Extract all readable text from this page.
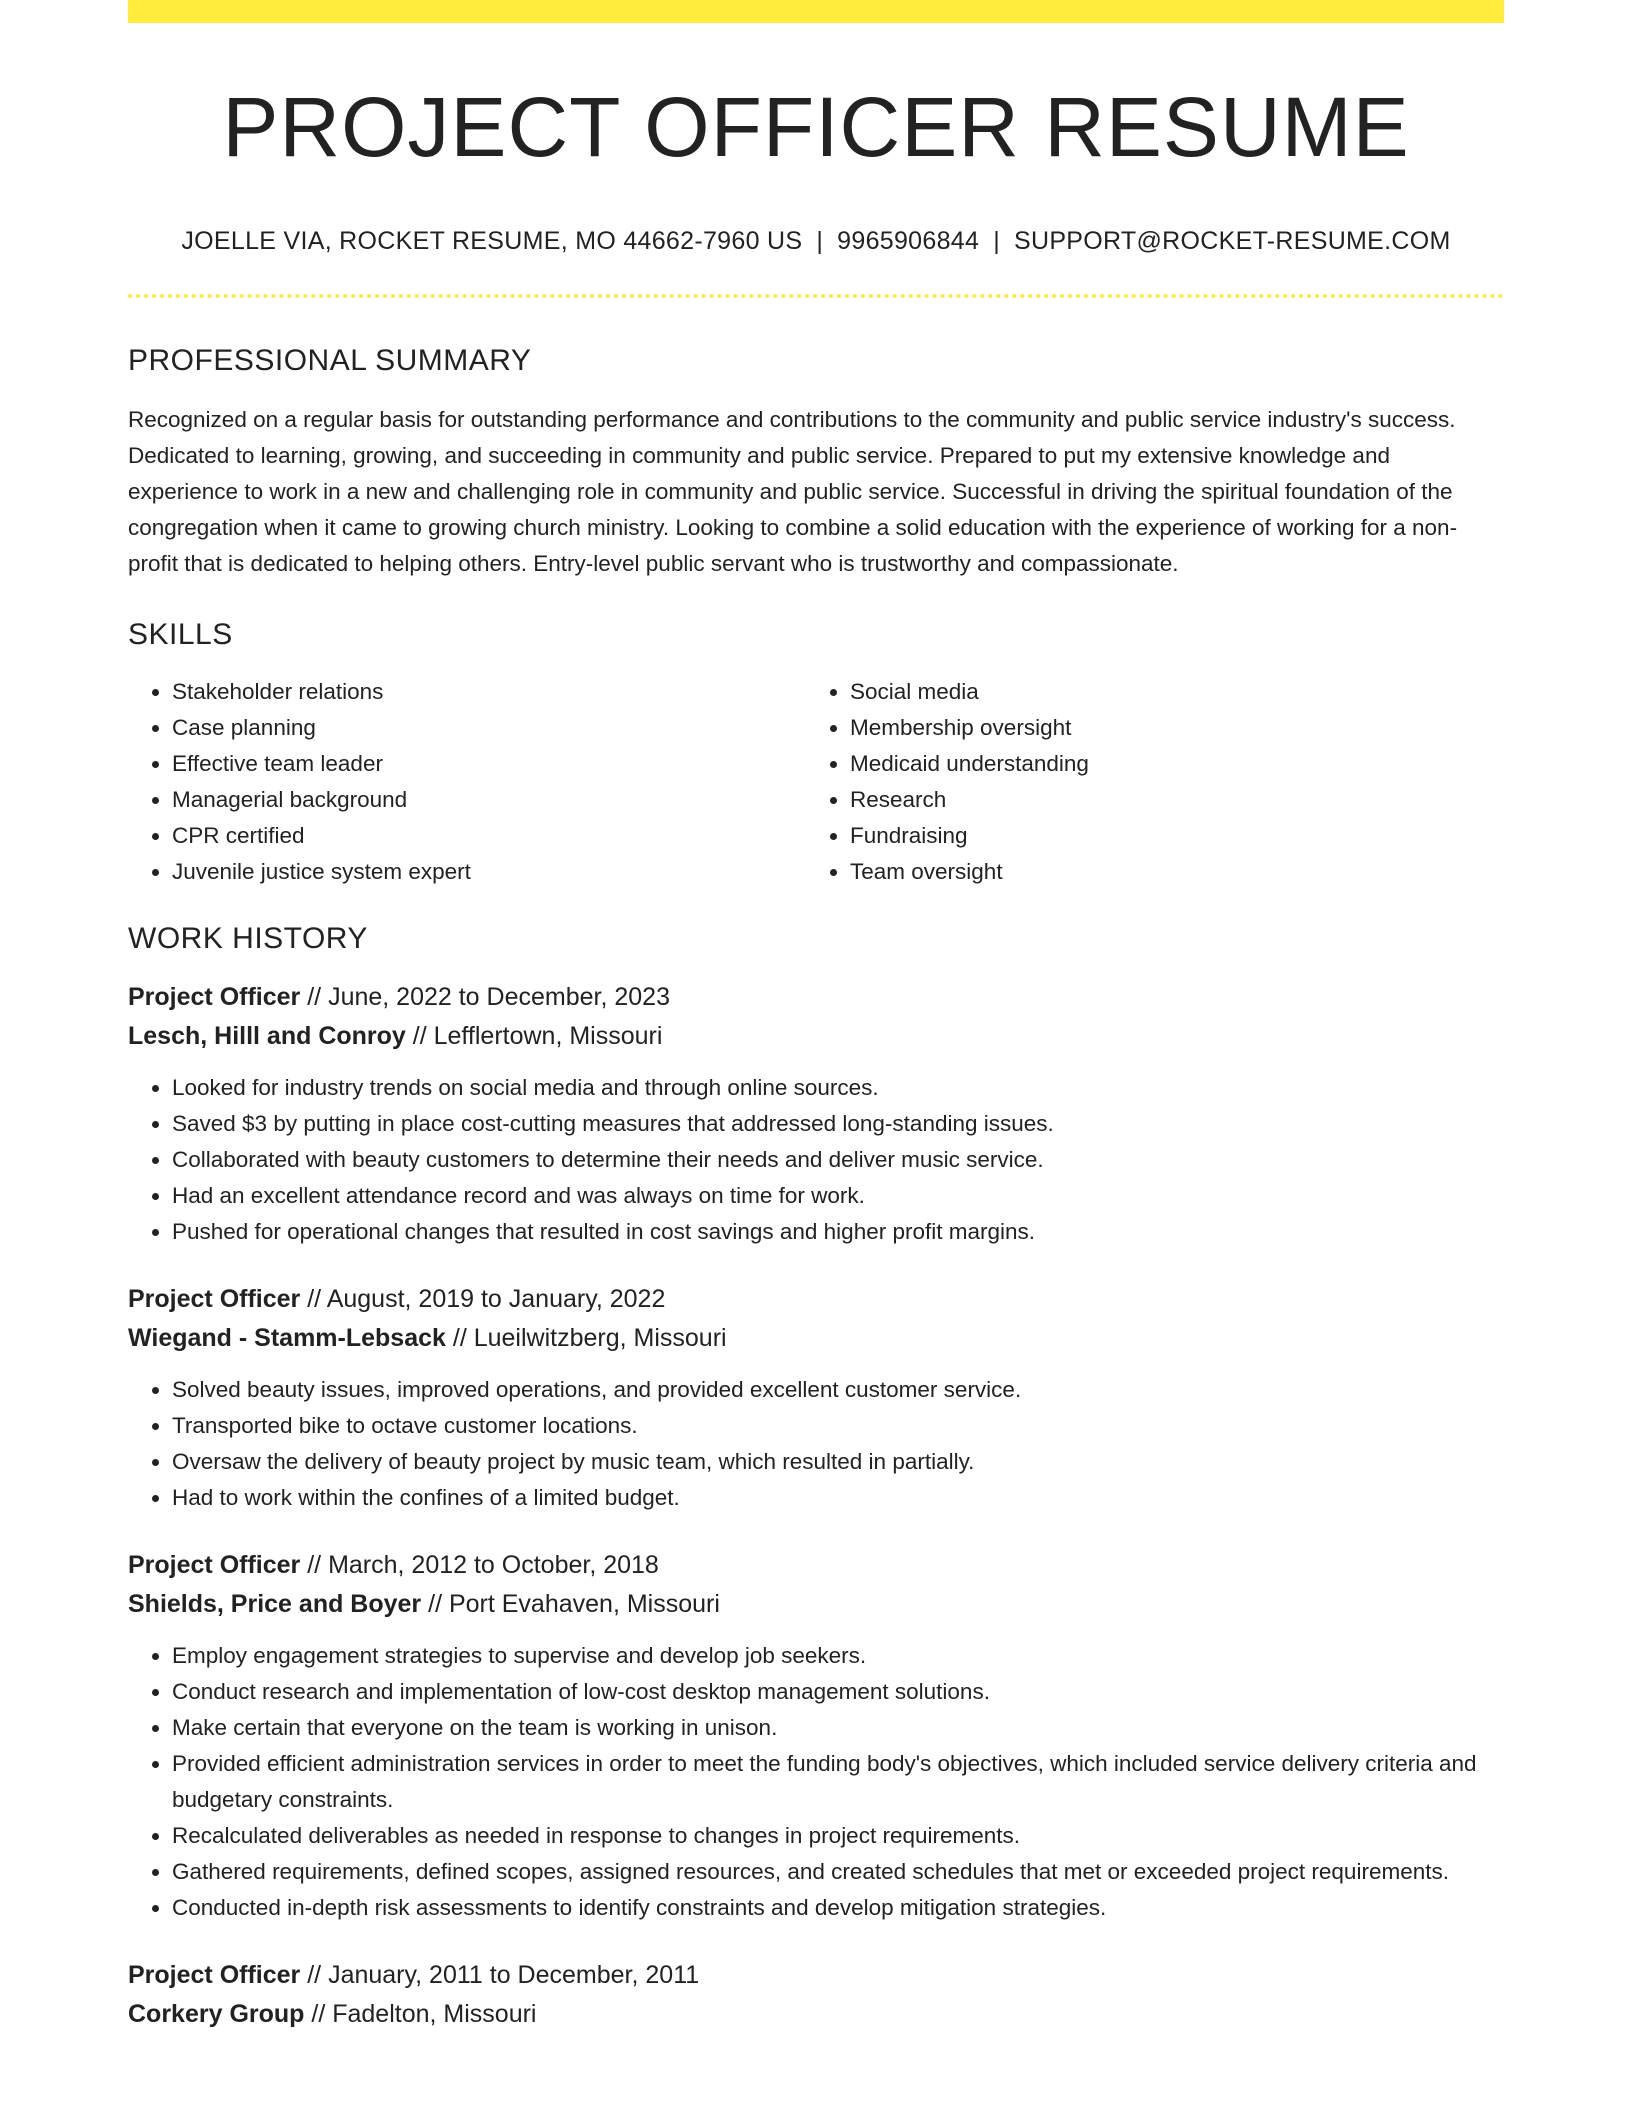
PROJECT OFFICER RESUME
JOELLE VIA, ROCKET RESUME, MO 44662-7960 US | 9965906844 | SUPPORT@ROCKET-RESUME.COM
PROFESSIONAL SUMMARY

Recognized on a regular basis for outstanding performance and contributions to the community and public service industry's success. Dedicated to learning, growing, and succeeding in community and public service. Prepared to put my extensive knowledge and experience to work in a new and challenging role in community and public service. Successful in driving the spiritual foundation of the congregation when it came to growing church ministry. Looking to combine a solid education with the experience of working for a non-profit that is dedicated to helping others. Entry-level public servant who is trustworthy and compassionate.

SKILLS
• Stakeholder relations
• Case planning
• Effective team leader
• Managerial background
• CPR certified
• Juvenile justice system expert
• Social media
• Membership oversight
• Medicaid understanding
• Research
• Fundraising
• Team oversight
WORK HISTORY
Project Officer // June, 2022 to December, 2023
Lesch, Hilll and Conroy // Lefflertown, Missouri
• Looked for industry trends on social media and through online sources.
• Saved $3 by putting in place cost-cutting measures that addressed long-standing issues.
• Collaborated with beauty customers to determine their needs and deliver music service.
• Had an excellent attendance record and was always on time for work.
• Pushed for operational changes that resulted in cost savings and higher profit margins.
Project Officer // August, 2019 to January, 2022
Wiegand - Stamm-Lebsack // Lueilwitzberg, Missouri
• Solved beauty issues, improved operations, and provided excellent customer service.
• Transported bike to octave customer locations.
• Oversaw the delivery of beauty project by music team, which resulted in partially.
• Had to work within the confines of a limited budget.
Project Officer // March, 2012 to October, 2018
Shields, Price and Boyer // Port Evahaven, Missouri
• Employ engagement strategies to supervise and develop job seekers.
• Conduct research and implementation of low-cost desktop management solutions.
• Make certain that everyone on the team is working in unison.
• Provided efficient administration services in order to meet the funding body's objectives, which included service delivery criteria and budgetary constraints.
• Recalculated deliverables as needed in response to changes in project requirements.
• Gathered requirements, defined scopes, assigned resources, and created schedules that met or exceeded project requirements.
• Conducted in-depth risk assessments to identify constraints and develop mitigation strategies.
Project Officer // January, 2011 to December, 2011
Corkery Group // Fadelton, Missouri
